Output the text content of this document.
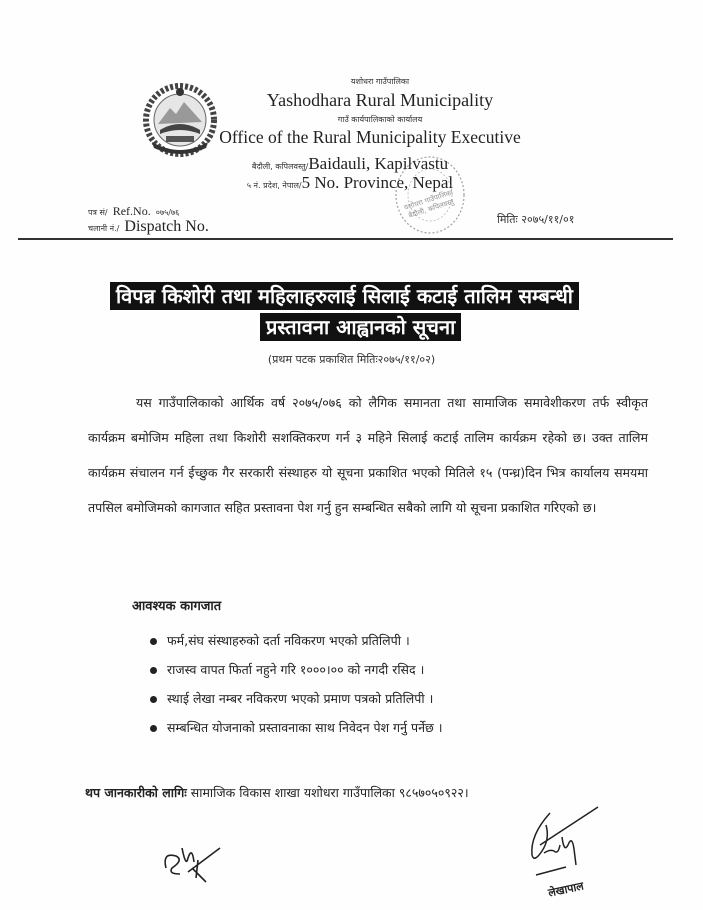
यशोधरा गाउँपालिका
Yashodhara Rural Municipality
गाउँ कार्यपालिकाको कार्यालय
Office of the Rural Municipality Executive
बैदौली, कपिलवस्तु/Baidauli, Kapilvastu
५ नं. प्रदेश, नेपाल/5 No. Province, Nepal
यशोधरा गाउँपालिका बैदौली, कपिलवस्तु
पत्र सं/ Ref.No. ०७५/७६
चलानी नं./ Dispatch No.	मितिः २०७५/११/०१
विपन्न किशोरी तथा महिलाहरुलाई सिलाई कटाई तालिम सम्बन्धी
प्रस्तावना आह्वानको सूचना
(प्रथम पटक प्रकाशित मितिः२०७५/११/०२)
यस गाउँपालिकाको आर्थिक वर्ष २०७५/०७६ को लैगिक समानता तथा सामाजिक समावेशीकरण तर्फ स्वीकृत कार्यक्रम बमोजिम महिला तथा किशोरी सशक्तिकरण गर्न ३ महिने सिलाई कटाई तालिम कार्यक्रम रहेको छ। उक्त तालिम कार्यक्रम संचालन गर्न ईच्छुक गैर सरकारी संस्थाहरु यो सूचना प्रकाशित भएको मितिले १५ (पन्ध्र)दिन भित्र कार्यालय समयमा तपसिल बमोजिमको कागजात सहित प्रस्तावना पेश गर्नु हुन सम्बन्धित सबैको लागि यो सूचना प्रकाशित गरिएको छ।
आवश्यक कागजात
फर्म,संघ संस्थाहरुको दर्ता नविकरण भएको प्रतिलिपी ।
राजस्व वापत फिर्ता नहुने गरि १०००।०० को नगदी रसिद ।
स्थाई लेखा नम्बर नविकरण भएको प्रमाण पत्रको प्रतिलिपी ।
सम्बन्धित योजनाको प्रस्तावनाका साथ निवेदन पेश गर्नु पर्नेछ ।
थप जानकारीको लागिः सामाजिक विकास शाखा यशोधरा गाउँपालिका ९८५७०५०९२२।
लेखापाल
